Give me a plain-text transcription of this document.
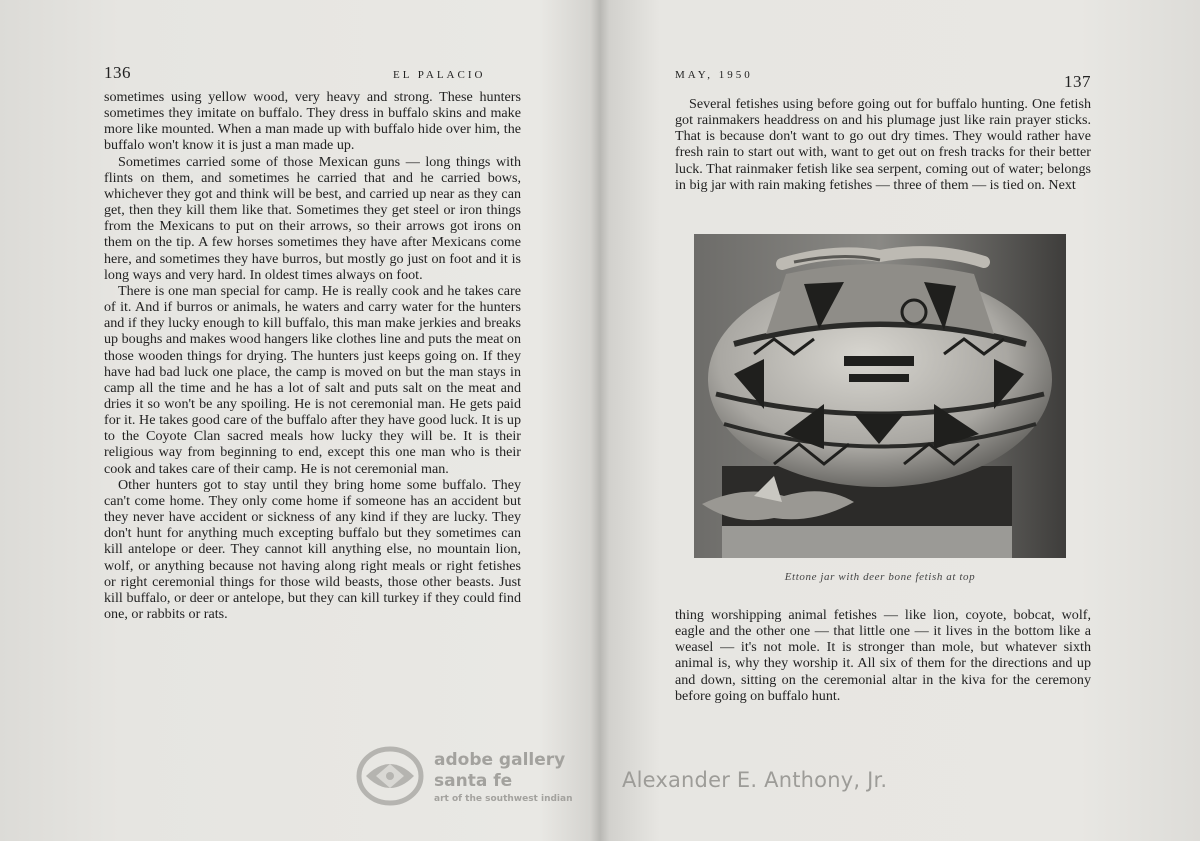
136	EL PALACIO

sometimes using yellow wood, very heavy and strong. These hunters sometimes they imitate on buffalo. They dress in buffalo skins and make more like mounted. When a man made up with buffalo hide over him, the buffalo won't know it is just a man made up.

Sometimes carried some of those Mexican guns — long things with flints on them, and sometimes he carried that and he carried bows, whichever they got and think will be best, and carried up near as they can get, then they kill them like that. Sometimes they get steel or iron things from the Mexicans to put on their arrows, so their arrows got irons on them on the tip. A few horses sometimes they have after Mexicans come here, and sometimes they have burros, but mostly go just on foot and it is long ways and very hard. In oldest times always on foot.

There is one man special for camp. He is really cook and he takes care of it. And if burros or animals, he waters and carry water for the hunters and if they lucky enough to kill buffalo, this man make jerkies and breaks up boughs and makes wood hangers like clothes line and puts the meat on those wooden things for drying. The hunters just keeps going on. If they have had bad luck one place, the camp is moved on but the man stays in camp all the time and he has a lot of salt and puts salt on the meat and dries it so won't be any spoiling. He is not ceremonial man. He gets paid for it. He takes good care of the buffalo after they have good luck. It is up to the Coyote Clan sacred meals how lucky they will be. It is their religious way from beginning to end, except this one man who is their cook and takes care of their camp. He is not ceremonial man.

Other hunters got to stay until they bring home some buffalo. They can't come home. They only come home if someone has an accident but they never have accident or sickness of any kind if they are lucky. They don't hunt for anything much excepting buffalo but they sometimes can kill antelope or deer. They cannot kill anything else, no mountain lion, wolf, or anything because not having along right meals or right fetishes or right ceremonial things for those wild beasts, those other beasts. Just kill buffalo, or deer or antelope, but they can kill turkey if they could find one, or rabbits or rats.

MAY, 1950	137

Several fetishes using before going out for buffalo hunting. One fetish got rainmakers headdress on and his plumage just like rain prayer sticks. That is because don't want to go out dry times. They would rather have fresh rain to start out with, want to get out on fresh tracks for their better luck. That rainmaker fetish like sea serpent, coming out of water; belongs in big jar with rain making fetishes — three of them — is tied on. Next

Ettone jar with deer bone fetish at top

thing worshipping animal fetishes — like lion, coyote, bobcat, wolf, eagle and the other one — that little one — it lives in the bottom like a weasel — it's not mole. It is stronger than mole, but whatever sixth animal is, why they worship it. All six of them for the directions and up and down, sitting on the ceremonial altar in the kiva for the ceremony before going on buffalo hunt.

adobe gallery
santa fe
art of the southwest indian
Alexander E. Anthony, Jr.
